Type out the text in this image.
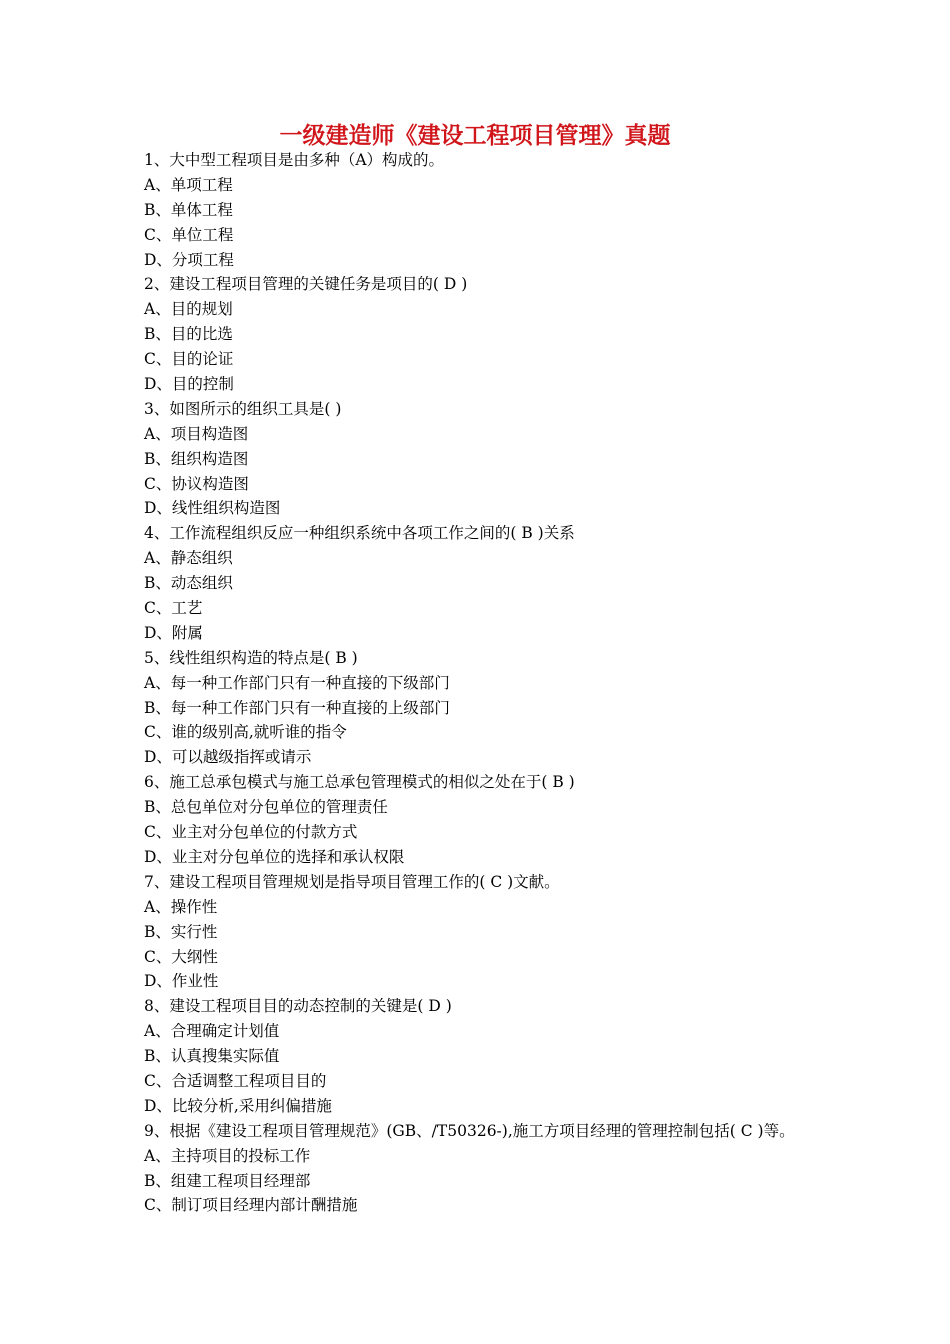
一级建造师《建设工程项目管理》真题
1、大中型工程项目是由多种（A）构成的。
A、单项工程
B、单体工程
C、单位工程
D、分项工程
2、建设工程项目管理的关键任务是项目的( D )
A、目的规划
B、目的比选
C、目的论证
D、目的控制
3、如图所示的组织工具是( )
A、项目构造图
B、组织构造图
C、协议构造图
D、线性组织构造图
4、工作流程组织反应一种组织系统中各项工作之间的( B )关系
A、静态组织
B、动态组织
C、工艺
D、附属
5、线性组织构造的特点是( B )
A、每一种工作部门只有一种直接的下级部门
B、每一种工作部门只有一种直接的上级部门
C、谁的级别高,就听谁的指令
D、可以越级指挥或请示
6、施工总承包模式与施工总承包管理模式的相似之处在于( B )
B、总包单位对分包单位的管理责任
C、业主对分包单位的付款方式
D、业主对分包单位的选择和承认权限
7、建设工程项目管理规划是指导项目管理工作的( C )文献。
A、操作性
B、实行性
C、大纲性
D、作业性
8、建设工程项目目的动态控制的关键是( D )
A、合理确定计划值
B、认真搜集实际值
C、合适调整工程项目目的
D、比较分析,采用纠偏措施
9、根据《建设工程项目管理规范》(GB、/T50326-),施工方项目经理的管理控制包括( C )等。
A、主持项目的投标工作
B、组建工程项目经理部
C、制订项目经理内部计酬措施
